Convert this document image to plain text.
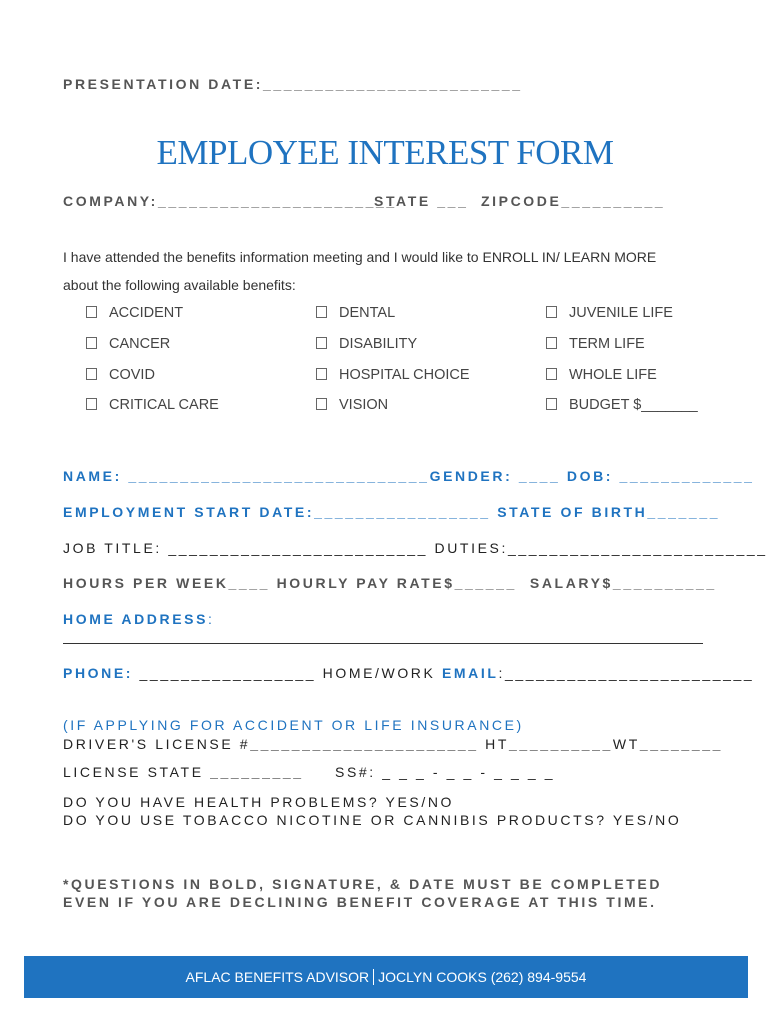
PRESENTATION DATE:_________________________
EMPLOYEE INTEREST FORM
COMPANY:_______________________
STATE ___ ZIPCODE__________
I have attended the benefits information meeting and I would like to ENROLL IN/ LEARN MORE
about the following available benefits:
ACCIDENT
CANCER
COVID
CRITICAL CARE
DENTAL
DISABILITY
HOSPITAL CHOICE
VISION
JUVENILE LIFE
TERM LIFE
WHOLE LIFE
BUDGET $_______
NAME: _____________________________GENDER: ____ DOB: _____________
EMPLOYMENT START DATE:_________________ STATE OF BIRTH_______
JOB TITLE: _________________________ DUTIES:_________________________
HOURS PER WEEK____ HOURLY PAY RATE$______ SALARY$__________
HOME ADDRESS:
PHONE: _________________ HOME/WORK EMAIL:________________________
(IF APPLYING FOR ACCIDENT OR LIFE INSURANCE)
DRIVER'S LICENSE #______________________ HT__________WT________
LICENSE STATE _________ SS#: _ _ _ - _ _ - _ _ _ _
DO YOU HAVE HEALTH PROBLEMS? YES/NO
DO YOU USE TOBACCO NICOTINE OR CANNIBIS PRODUCTS? YES/NO
*QUESTIONS IN BOLD, SIGNATURE, & DATE MUST BE COMPLETED
EVEN IF YOU ARE DECLINING BENEFIT COVERAGE AT THIS TIME.
AFLAC BENEFITS ADVISOR JOCLYN COOKS (262) 894-9554
